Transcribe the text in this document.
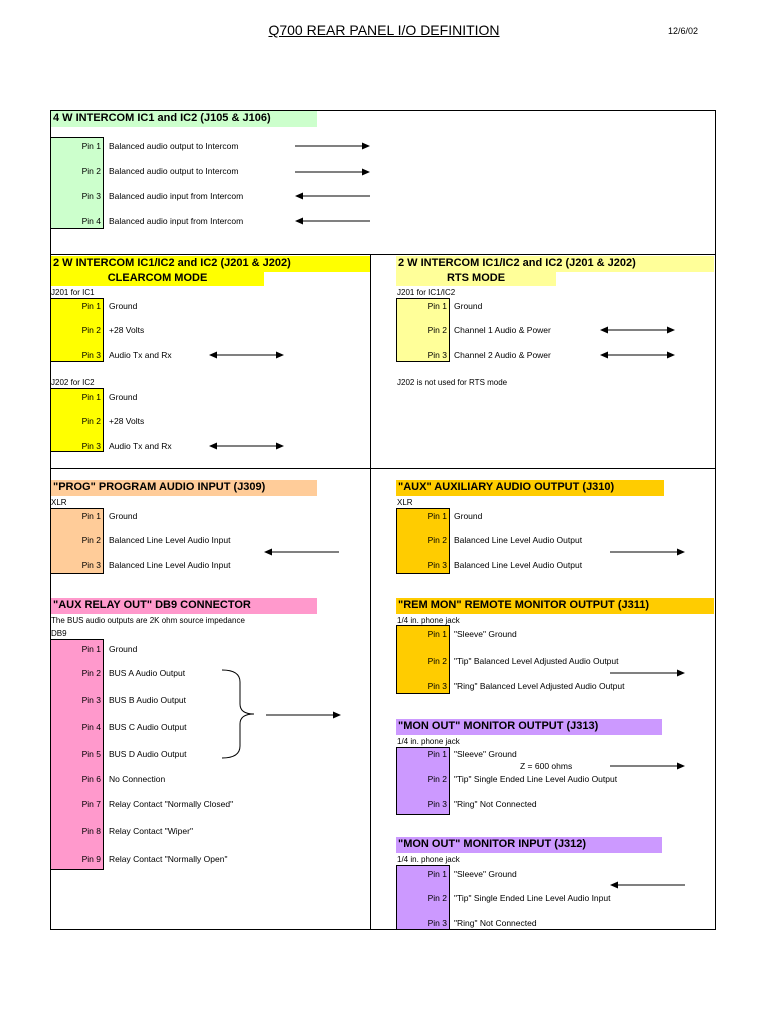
Q700 REAR PANEL I/O DEFINITION	12/6/02
4 W INTERCOM IC1 and IC2 (J105 & J106)
Pin 1 Balanced audio output to Intercom
Pin 2 Balanced audio output to Intercom
Pin 3 Balanced audio input from Intercom
Pin 4 Balanced audio input from Intercom
2 W INTERCOM IC1/IC2 and IC2 (J201 & J202)
CLEARCOM MODE
J201 for IC1
Pin 1 Ground
Pin 2 +28 Volts
Pin 3 Audio Tx and Rx
J202 for IC2
Pin 1 Ground
Pin 2 +28 Volts
Pin 3 Audio Tx and Rx
2 W INTERCOM IC1/IC2 and IC2 (J201 & J202)
RTS MODE
J201 for IC1/IC2
Pin 1 Ground
Pin 2 Channel 1 Audio & Power
Pin 3 Channel 2 Audio & Power
J202 is not used for RTS mode
"PROG" PROGRAM AUDIO INPUT (J309)
XLR
Pin 1 Ground
Pin 2 Balanced Line Level Audio Input
Pin 3 Balanced Line Level Audio Input
"AUX" AUXILIARY AUDIO OUTPUT (J310)
XLR
Pin 1 Ground
Pin 2 Balanced Line Level Audio Output
Pin 3 Balanced Line Level Audio Output
"AUX RELAY OUT" DB9 CONNECTOR
The BUS audio outputs are 2K ohm source impedance
DB9
Pin 1 Ground
Pin 2 BUS A Audio Output
Pin 3 BUS B Audio Output
Pin 4 BUS C Audio Output
Pin 5 BUS D Audio Output
Pin 6 No Connection
Pin 7 Relay Contact "Normally Closed"
Pin 8 Relay Contact "Wiper"
Pin 9 Relay Contact "Normally Open"
"REM MON" REMOTE MONITOR OUTPUT (J311)
1/4 in. phone jack
Pin 1 "Sleeve" Ground
Pin 2 "Tip" Balanced Level Adjusted Audio Output
Pin 3 "Ring" Balanced Level Adjusted Audio Output
"MON OUT" MONITOR OUTPUT (J313)
1/4 in. phone jack
Pin 1 "Sleeve" Ground
Z = 600 ohms
Pin 2 "Tip" Single Ended Line Level Audio Output
Pin 3 "Ring" Not Connected
"MON OUT" MONITOR INPUT (J312)
1/4 in. phone jack
Pin 1 "Sleeve" Ground
Pin 2 "Tip" Single Ended Line Level Audio Input
Pin 3 "Ring" Not Connected
